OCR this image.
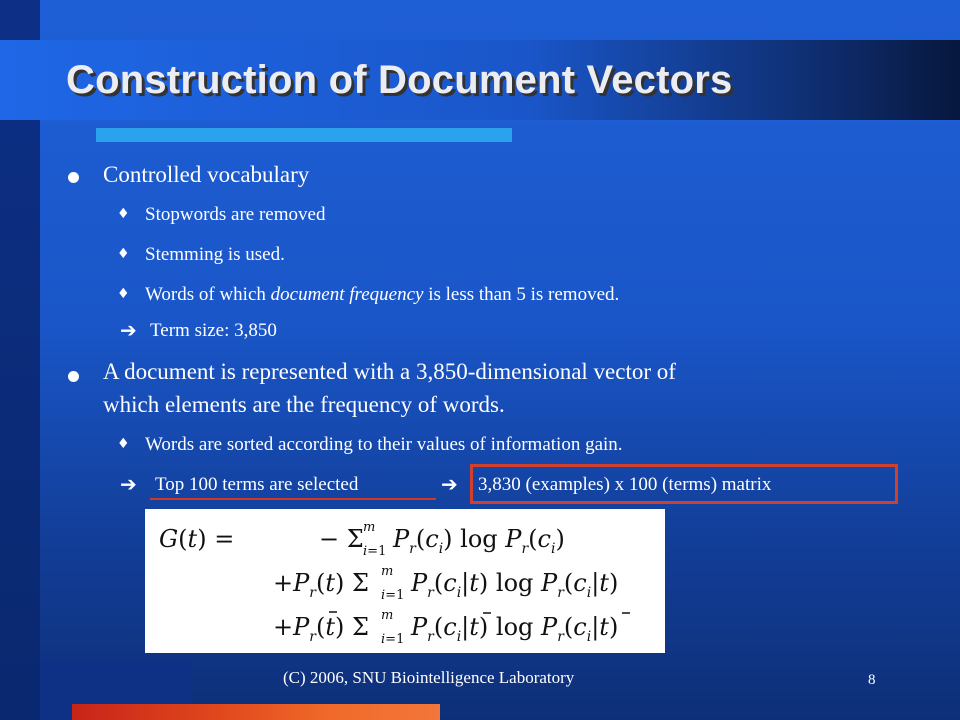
Construction of Document Vectors
Controlled vocabulary
♦ Stopwords are removed
♦ Stemming is used.
♦ Words of which document frequency is less than 5 is removed.
➔ Term size: 3,850
A document is represented with a 3,850-dimensional vector of
which elements are the frequency of words.
♦ Words are sorted according to their values of information gain.
➔ Top 100 terms are selected	➔ 3,830 (examples) x 100 (terms) matrix
G(t) =	− Σ m
i=1 $P_r(c_i)$ $\log P_r(c_i)$
$+P_r(t)$ Σ m
i=1 $P_r(c_i|t)$ $\log P_r(c_i|t)$
$+P_r(t)$ Σ m
i=1 $P_r(c_i|t)$ $\log P_r(c_i|t)$
(C) 2006, SNU Biointelligence Laboratory	8
